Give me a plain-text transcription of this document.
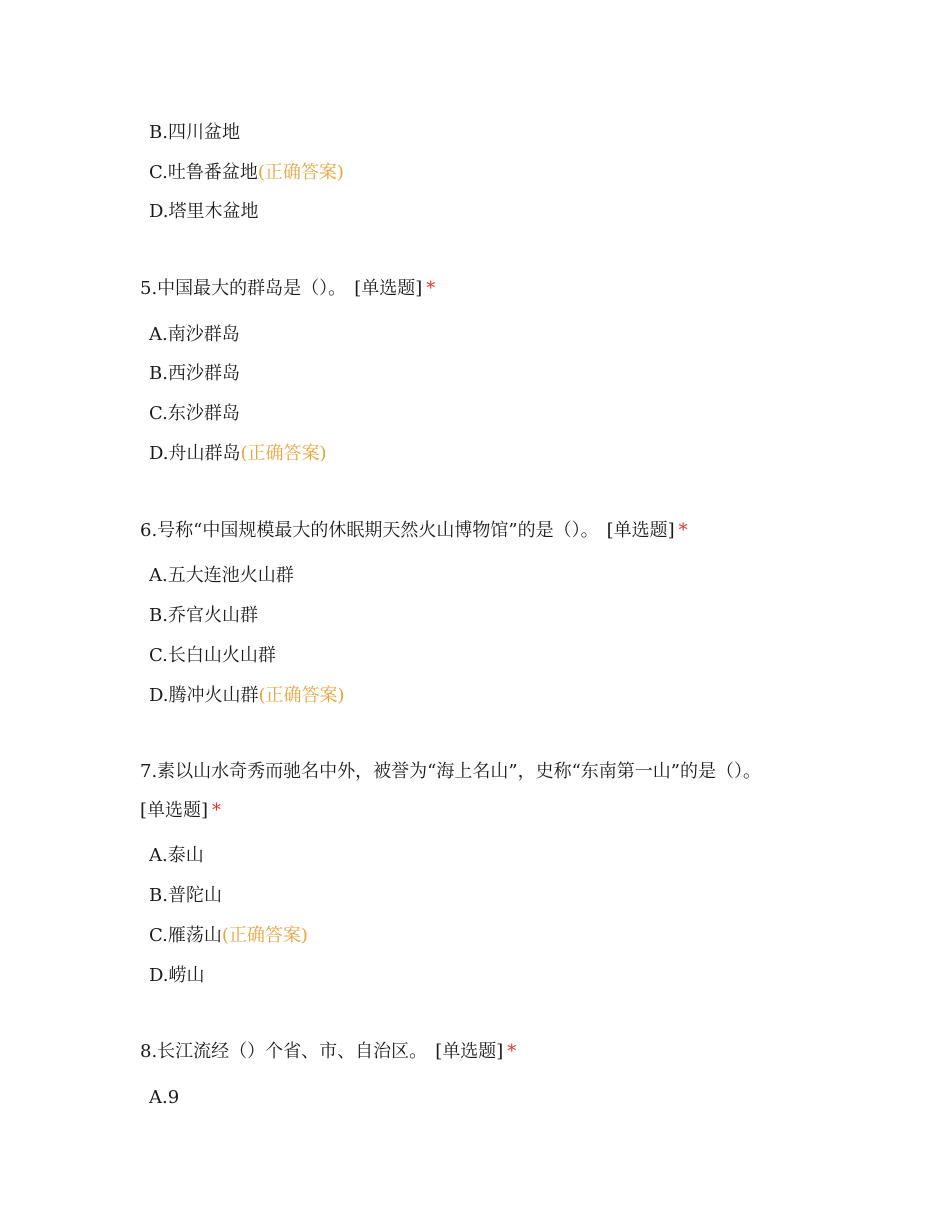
B.四川盆地
C.吐鲁番盆地(正确答案)
D.塔里木盆地
5.中国最大的群岛是（）。 [单选题] *
A.南沙群岛
B.西沙群岛
C.东沙群岛
D.舟山群岛(正确答案)
6.号称“中国规模最大的休眠期天然火山博物馆”的是（）。 [单选题] *
A.五大连池火山群
B.乔官火山群
C.长白山火山群
D.腾冲火山群(正确答案)
7.素以山水奇秀而驰名中外，被誉为“海上名山”，史称“东南第一山”的是（）。
[单选题] *
A.泰山
B.普陀山
C.雁荡山(正确答案)
D.崂山
8.长江流经（）个省、市、自治区。 [单选题] *
A.9
